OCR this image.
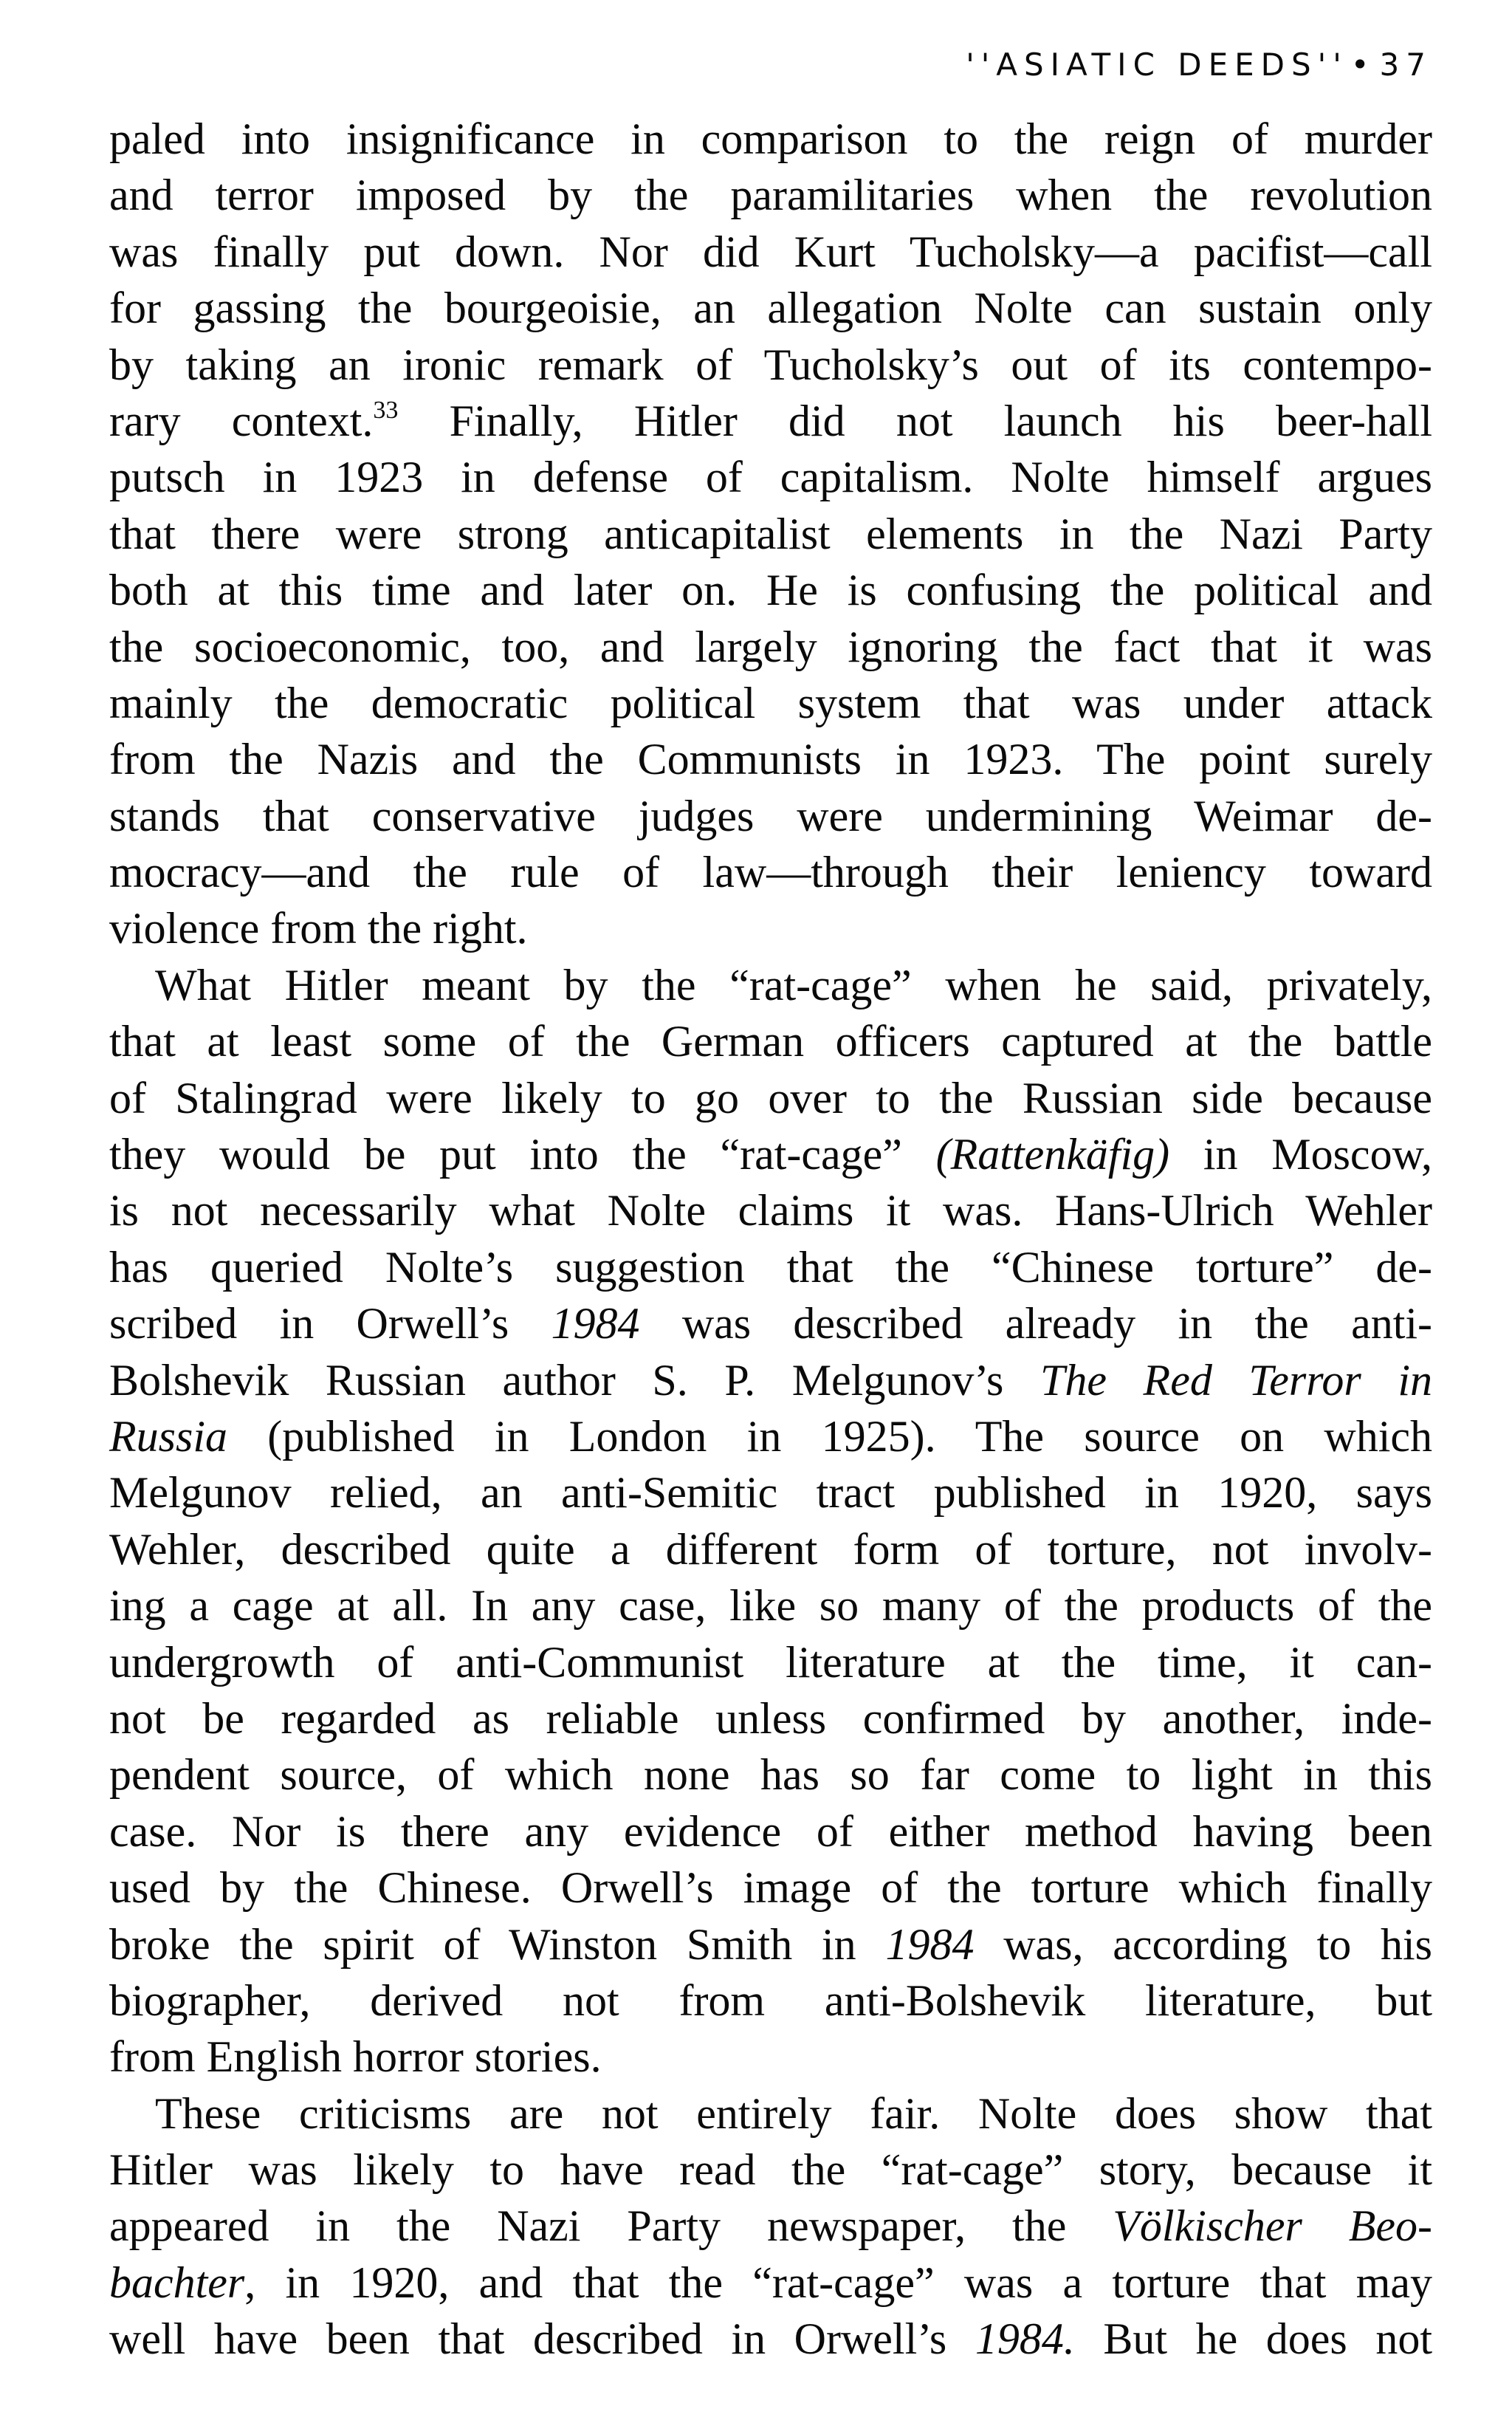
''ASIATIC DEEDS''• 37
paled into insignificance in comparison to the reign of murder
and terror imposed by the paramilitaries when the revolution
was finally put down. Nor did Kurt Tucholsky—a pacifist—call
for gassing the bourgeoisie, an allegation Nolte can sustain only
by taking an ironic remark of Tucholsky’s out of its contempo-
rary context.$^{33}$ Finally, Hitler did not launch his beer-hall
putsch in 1923 in defense of capitalism. Nolte himself argues
that there were strong anticapitalist elements in the Nazi Party
both at this time and later on. He is confusing the political and
the socioeconomic, too, and largely ignoring the fact that it was
mainly the democratic political system that was under attack
from the Nazis and the Communists in 1923. The point surely
stands that conservative judges were undermining Weimar de-
mocracy—and the rule of law—through their leniency toward
violence from the right.
What Hitler meant by the “rat-cage” when he said, privately,
that at least some of the German officers captured at the battle
of Stalingrad were likely to go over to the Russian side because
they would be put into the “rat-cage” (Rattenkäfig) in Moscow,
is not necessarily what Nolte claims it was. Hans-Ulrich Wehler
has queried Nolte’s suggestion that the “Chinese torture” de-
scribed in Orwell’s 1984 was described already in the anti-
Bolshevik Russian author S. P. Melgunov’s The Red Terror in
Russia (published in London in 1925). The source on which
Melgunov relied, an anti-Semitic tract published in 1920, says
Wehler, described quite a different form of torture, not involv-
ing a cage at all. In any case, like so many of the products of the
undergrowth of anti-Communist literature at the time, it can-
not be regarded as reliable unless confirmed by another, inde-
pendent source, of which none has so far come to light in this
case. Nor is there any evidence of either method having been
used by the Chinese. Orwell’s image of the torture which finally
broke the spirit of Winston Smith in 1984 was, according to his
biographer, derived not from anti-Bolshevik literature, but
from English horror stories.
These criticisms are not entirely fair. Nolte does show that
Hitler was likely to have read the “rat-cage” story, because it
appeared in the Nazi Party newspaper, the Völkischer Beo-
bachter, in 1920, and that the “rat-cage” was a torture that may
well have been that described in Orwell’s 1984. But he does not
